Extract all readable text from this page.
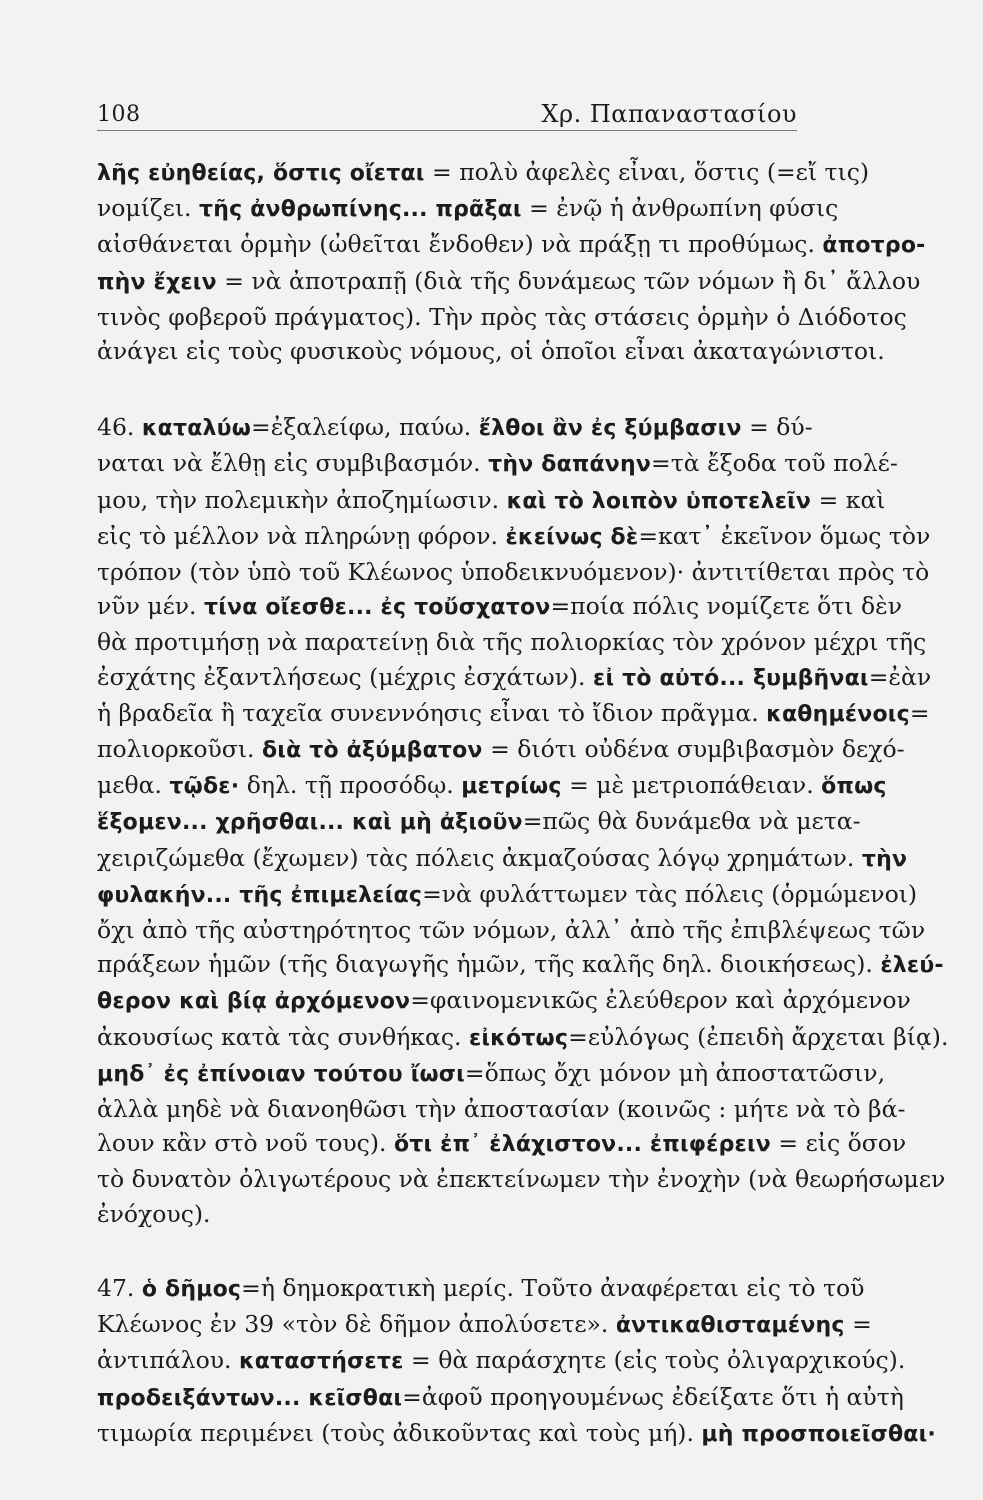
108	Χρ. Παπαναστασίου
λῆς εὐηθείας, ὅστις οἴεται = πολὺ ἀφελὲς εἶναι, ὅστις (=εἴ τις)
νομίζει. τῆς ἀνθρωπίνης... πρᾶξαι = ἐνῷ ἡ ἀνθρωπίνη φύσις
αἰσθάνεται ὁρμὴν (ὠθεῖται ἔνδοθεν) νὰ πράξῃ τι προθύμως. ἀποτρο-
πὴν ἔχειν = νὰ ἀποτραπῇ (διὰ τῆς δυνάμεως τῶν νόμων ἢ δι᾽ ἄλλου
τινὸς φοβεροῦ πράγματος). Τὴν πρὸς τὰς στάσεις ὁρμὴν ὁ Διόδοτος
ἀνάγει εἰς τοὺς φυσικοὺς νόμους, οἱ ὁποῖοι εἶναι ἀκαταγώνιστοι.
46. καταλύω=ἐξαλείφω, παύω. ἔλθοι ἂν ἐς ξύμβασιν = δύ-
ναται νὰ ἔλθῃ εἰς συμβιβασμόν. τὴν δαπάνην=τὰ ἔξοδα τοῦ πολέ-
μου, τὴν πολεμικὴν ἀποζημίωσιν. καὶ τὸ λοιπὸν ὑποτελεῖν = καὶ
εἰς τὸ μέλλον νὰ πληρώνῃ φόρον. ἐκείνως δὲ=κατ᾽ ἐκεῖνον ὅμως τὸν
τρόπον (τὸν ὑπὸ τοῦ Κλέωνος ὑποδεικνυόμενον)· ἀντιτίθεται πρὸς τὸ
νῦν μέν. τίνα οἴεσθε... ἐς τοὔσχατον=ποία πόλις νομίζετε ὅτι δὲν
θὰ προτιμήσῃ νὰ παρατείνῃ διὰ τῆς πολιορκίας τὸν χρόνον μέχρι τῆς
ἐσχάτης ἐξαντλήσεως (μέχρις ἐσχάτων). εἰ τὸ αὐτό... ξυμβῆναι=ἐὰν
ἡ βραδεῖα ἢ ταχεῖα συνεννόησις εἶναι τὸ ἴδιον πρᾶγμα. καθημένοις=
πολιορκοῦσι. διὰ τὸ ἀξύμβατον = διότι οὐδένα συμβιβασμὸν δεχό-
μεθα. τῷδε· δηλ. τῇ προσόδῳ. μετρίως = μὲ μετριοπάθειαν. ὅπως
ἕξομεν... χρῆσθαι... καὶ μὴ ἀξιοῦν=πῶς θὰ δυνάμεθα νὰ μετα-
χειριζώμεθα (ἔχωμεν) τὰς πόλεις ἀκμαζούσας λόγῳ χρημάτων. τὴν
φυλακήν... τῆς ἐπιμελείας=νὰ φυλάττωμεν τὰς πόλεις (ὁρμώμενοι)
ὄχι ἀπὸ τῆς αὐστηρότητος τῶν νόμων, ἀλλ᾽ ἀπὸ τῆς ἐπιβλέψεως τῶν
πράξεων ἡμῶν (τῆς διαγωγῆς ἡμῶν, τῆς καλῆς δηλ. διοικήσεως). ἐλεύ-
θερον καὶ βίᾳ ἀρχόμενον=φαινομενικῶς ἐλεύθερον καὶ ἀρχόμενον
ἀκουσίως κατὰ τὰς συνθήκας. εἰκότως=εὐλόγως (ἐπειδὴ ἄρχεται βίᾳ).
μηδ᾽ ἐς ἐπίνοιαν τούτου ἴωσι=ὅπως ὄχι μόνον μὴ ἀποστατῶσιν,
ἀλλὰ μηδὲ νὰ διανοηθῶσι τὴν ἀποστασίαν (κοινῶς : μήτε νὰ τὸ βά-
λουν κἂν στὸ νοῦ τους). ὅτι ἐπ᾽ ἐλάχιστον... ἐπιφέρειν = εἰς ὅσον
τὸ δυνατὸν ὀλιγωτέρους νὰ ἐπεκτείνωμεν τὴν ἐνοχὴν (νὰ θεωρήσωμεν
ἐνόχους).
47. ὁ δῆμος=ἡ δημοκρατικὴ μερίς. Τοῦτο ἀναφέρεται εἰς τὸ τοῦ
Κλέωνος ἐν 39 «τὸν δὲ δῆμον ἀπολύσετε». ἀντικαθισταμένης =
ἀντιπάλου. καταστήσετε = θὰ παράσχητε (εἰς τοὺς ὀλιγαρχικούς).
προδειξάντων... κεῖσθαι=ἀφοῦ προηγουμένως ἐδείξατε ὅτι ἡ αὐτὴ
τιμωρία περιμένει (τοὺς ἀδικοῦντας καὶ τοὺς μή). μὴ προσποιεῖσθαι·
